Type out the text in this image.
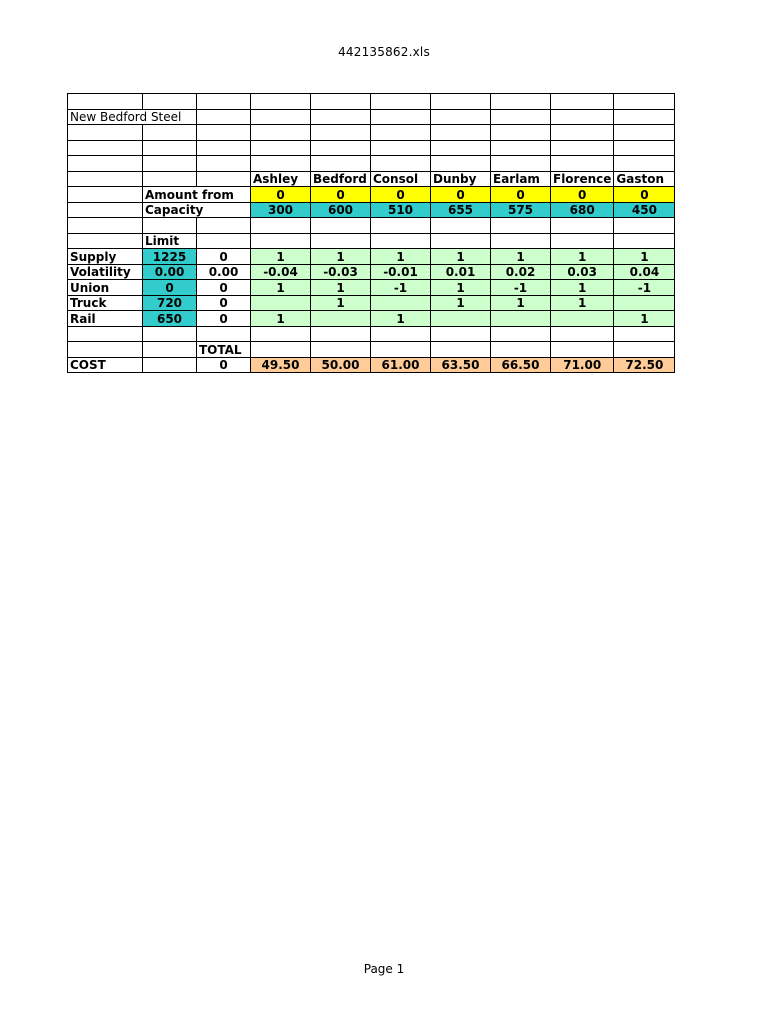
442135862.xls

New Bedford Steel									

			Ashley	Bedford	Consol	Dunby	Earlam	Florence	Gaston
	Amount from		0	0	0	0	0	0	0
	Capacity		300	600	510	655	575	680	450

	Limit								
Supply	1225	0	1	1	1	1	1	1	1
Volatility	0.00	0.00	-0.04	-0.03	-0.01	0.01	0.02	0.03	0.04
Union	0	0	1	1	-1	1	-1	1	-1
Truck	720	0		1		1	1	1	
Rail	650	0	1		1				1

		TOTAL							
COST		0	49.50	50.00	61.00	63.50	66.50	71.00	72.50
Page 1
